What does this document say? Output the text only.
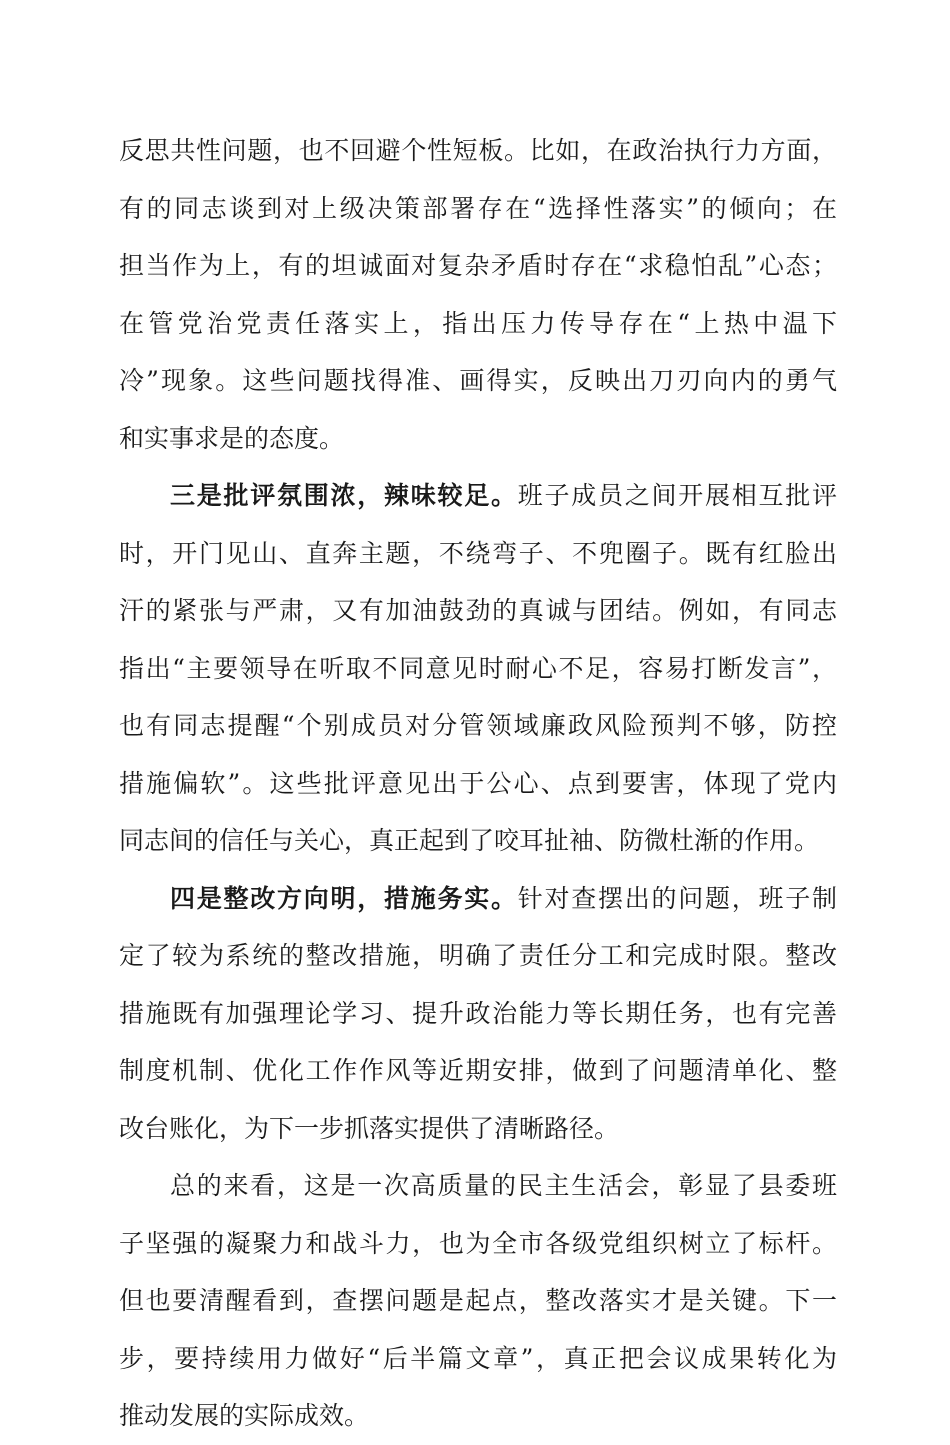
反思共性问题，也不回避个性短板。比如，在政治执行力方面，
有的同志谈到对上级决策部署存在“选择性落实”的倾向；在
担当作为上，有的坦诚面对复杂矛盾时存在“求稳怕乱”心态；
在管党治党责任落实上，指出压力传导存在“上热中温下
冷”现象。这些问题找得准、画得实，反映出刀刃向内的勇气
和实事求是的态度。
三是批评氛围浓，辣味较足。班子成员之间开展相互批评
时，开门见山、直奔主题，不绕弯子、不兜圈子。既有红脸出
汗的紧张与严肃，又有加油鼓劲的真诚与团结。例如，有同志
指出“主要领导在听取不同意见时耐心不足，容易打断发言”，
也有同志提醒“个别成员对分管领域廉政风险预判不够，防控
措施偏软”。这些批评意见出于公心、点到要害，体现了党内
同志间的信任与关心，真正起到了咬耳扯袖、防微杜渐的作用。
四是整改方向明，措施务实。针对查摆出的问题，班子制
定了较为系统的整改措施，明确了责任分工和完成时限。整改
措施既有加强理论学习、提升政治能力等长期任务，也有完善
制度机制、优化工作作风等近期安排，做到了问题清单化、整
改台账化，为下一步抓落实提供了清晰路径。
总的来看，这是一次高质量的民主生活会，彰显了县委班
子坚强的凝聚力和战斗力，也为全市各级党组织树立了标杆。
但也要清醒看到，查摆问题是起点，整改落实才是关键。下一
步，要持续用力做好“后半篇文章”，真正把会议成果转化为
推动发展的实际成效。
